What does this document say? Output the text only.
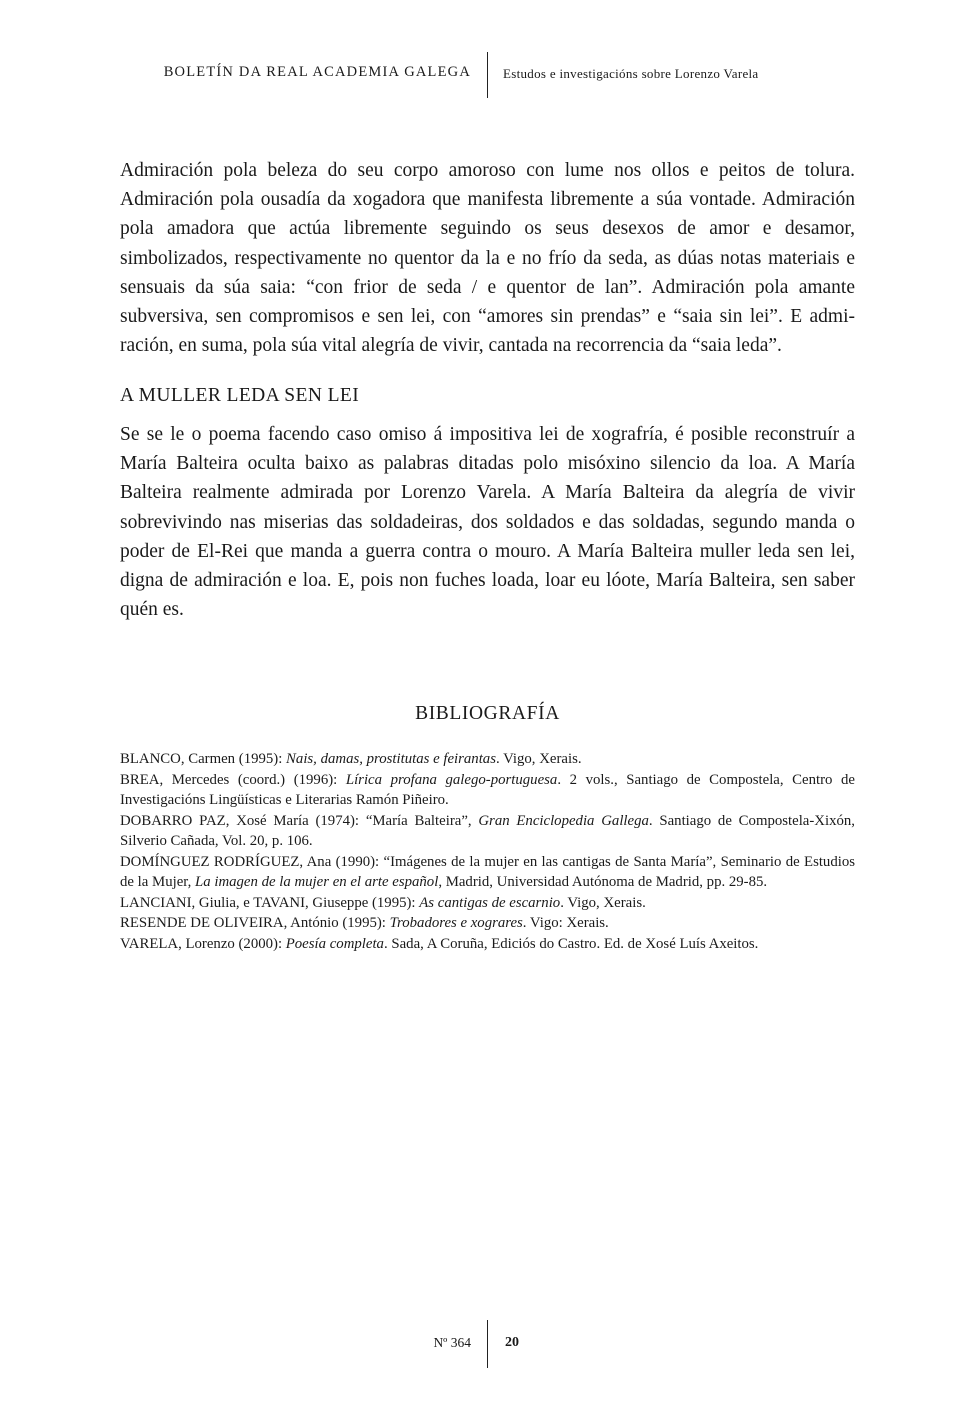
BOLETÍN DA REAL ACADEMIA GALEGA Estudos e investigacións sobre Lorenzo Varela

Admiración pola beleza do seu corpo amoroso con lume nos ollos e peitos de tolura. Admiración pola ousadía da xogadora que manifesta libremente a súa vontade. Admiración pola amadora que actúa libremente seguindo os seus desexos de amor e desamor, simbolizados, respectivamente no quentor da la e no frío da seda, as dúas notas materiais e sensuais da súa saia: “con frior de seda / e quentor de lan”. Admiración pola amante subversiva, sen compromisos e sen lei, con “amores sin prendas” e “saia sin lei”. E admiración, en suma, pola súa vital alegría de vivir, cantada na recorrencia da “saia leda”.

A MULLER LEDA SEN LEI

Se se le o poema facendo caso omiso á impositiva lei de xografría, é posible reconstruír a María Balteira oculta baixo as palabras ditadas polo misóxino silencio da loa. A María Balteira realmente admirada por Lorenzo Varela. A María Balteira da alegría de vivir sobrevivindo nas miserias das soldadeiras, dos soldados e das soldadas, segundo manda o poder de El-Rei que manda a guerra contra o mouro. A María Balteira muller leda sen lei, digna de admiración e loa. E, pois non fuches loada, loar eu lóote, María Balteira, sen saber quén es.

BIBLIOGRAFÍA
BLANCO, Carmen (1995): Nais, damas, prostitutas e feirantas. Vigo, Xerais.
BREA, Mercedes (coord.) (1996): Lírica profana galego-portuguesa. 2 vols., Santiago de Compostela, Centro de Investigacións Lingüísticas e Literarias Ramón Piñeiro.
DOBARRO PAZ, Xosé María (1974): “María Balteira”, Gran Enciclopedia Gallega. Santiago de Compostela-Xixón, Silverio Cañada, Vol. 20, p. 106.
DOMÍNGUEZ RODRÍGUEZ, Ana (1990): “Imágenes de la mujer en las cantigas de Santa María”, Seminario de Estudios de la Mujer, La imagen de la mujer en el arte español, Madrid, Universidad Autónoma de Madrid, pp. 29-85.
LANCIANI, Giulia, e TAVANI, Giuseppe (1995): As cantigas de escarnio. Vigo, Xerais.
RESENDE DE OLIVEIRA, António (1995): Trobadores e xograres. Vigo: Xerais.
VARELA, Lorenzo (2000): Poesía completa. Sada, A Coruña, Ediciós do Castro. Ed. de Xosé Luís Axeitos.
Nº 364 20
